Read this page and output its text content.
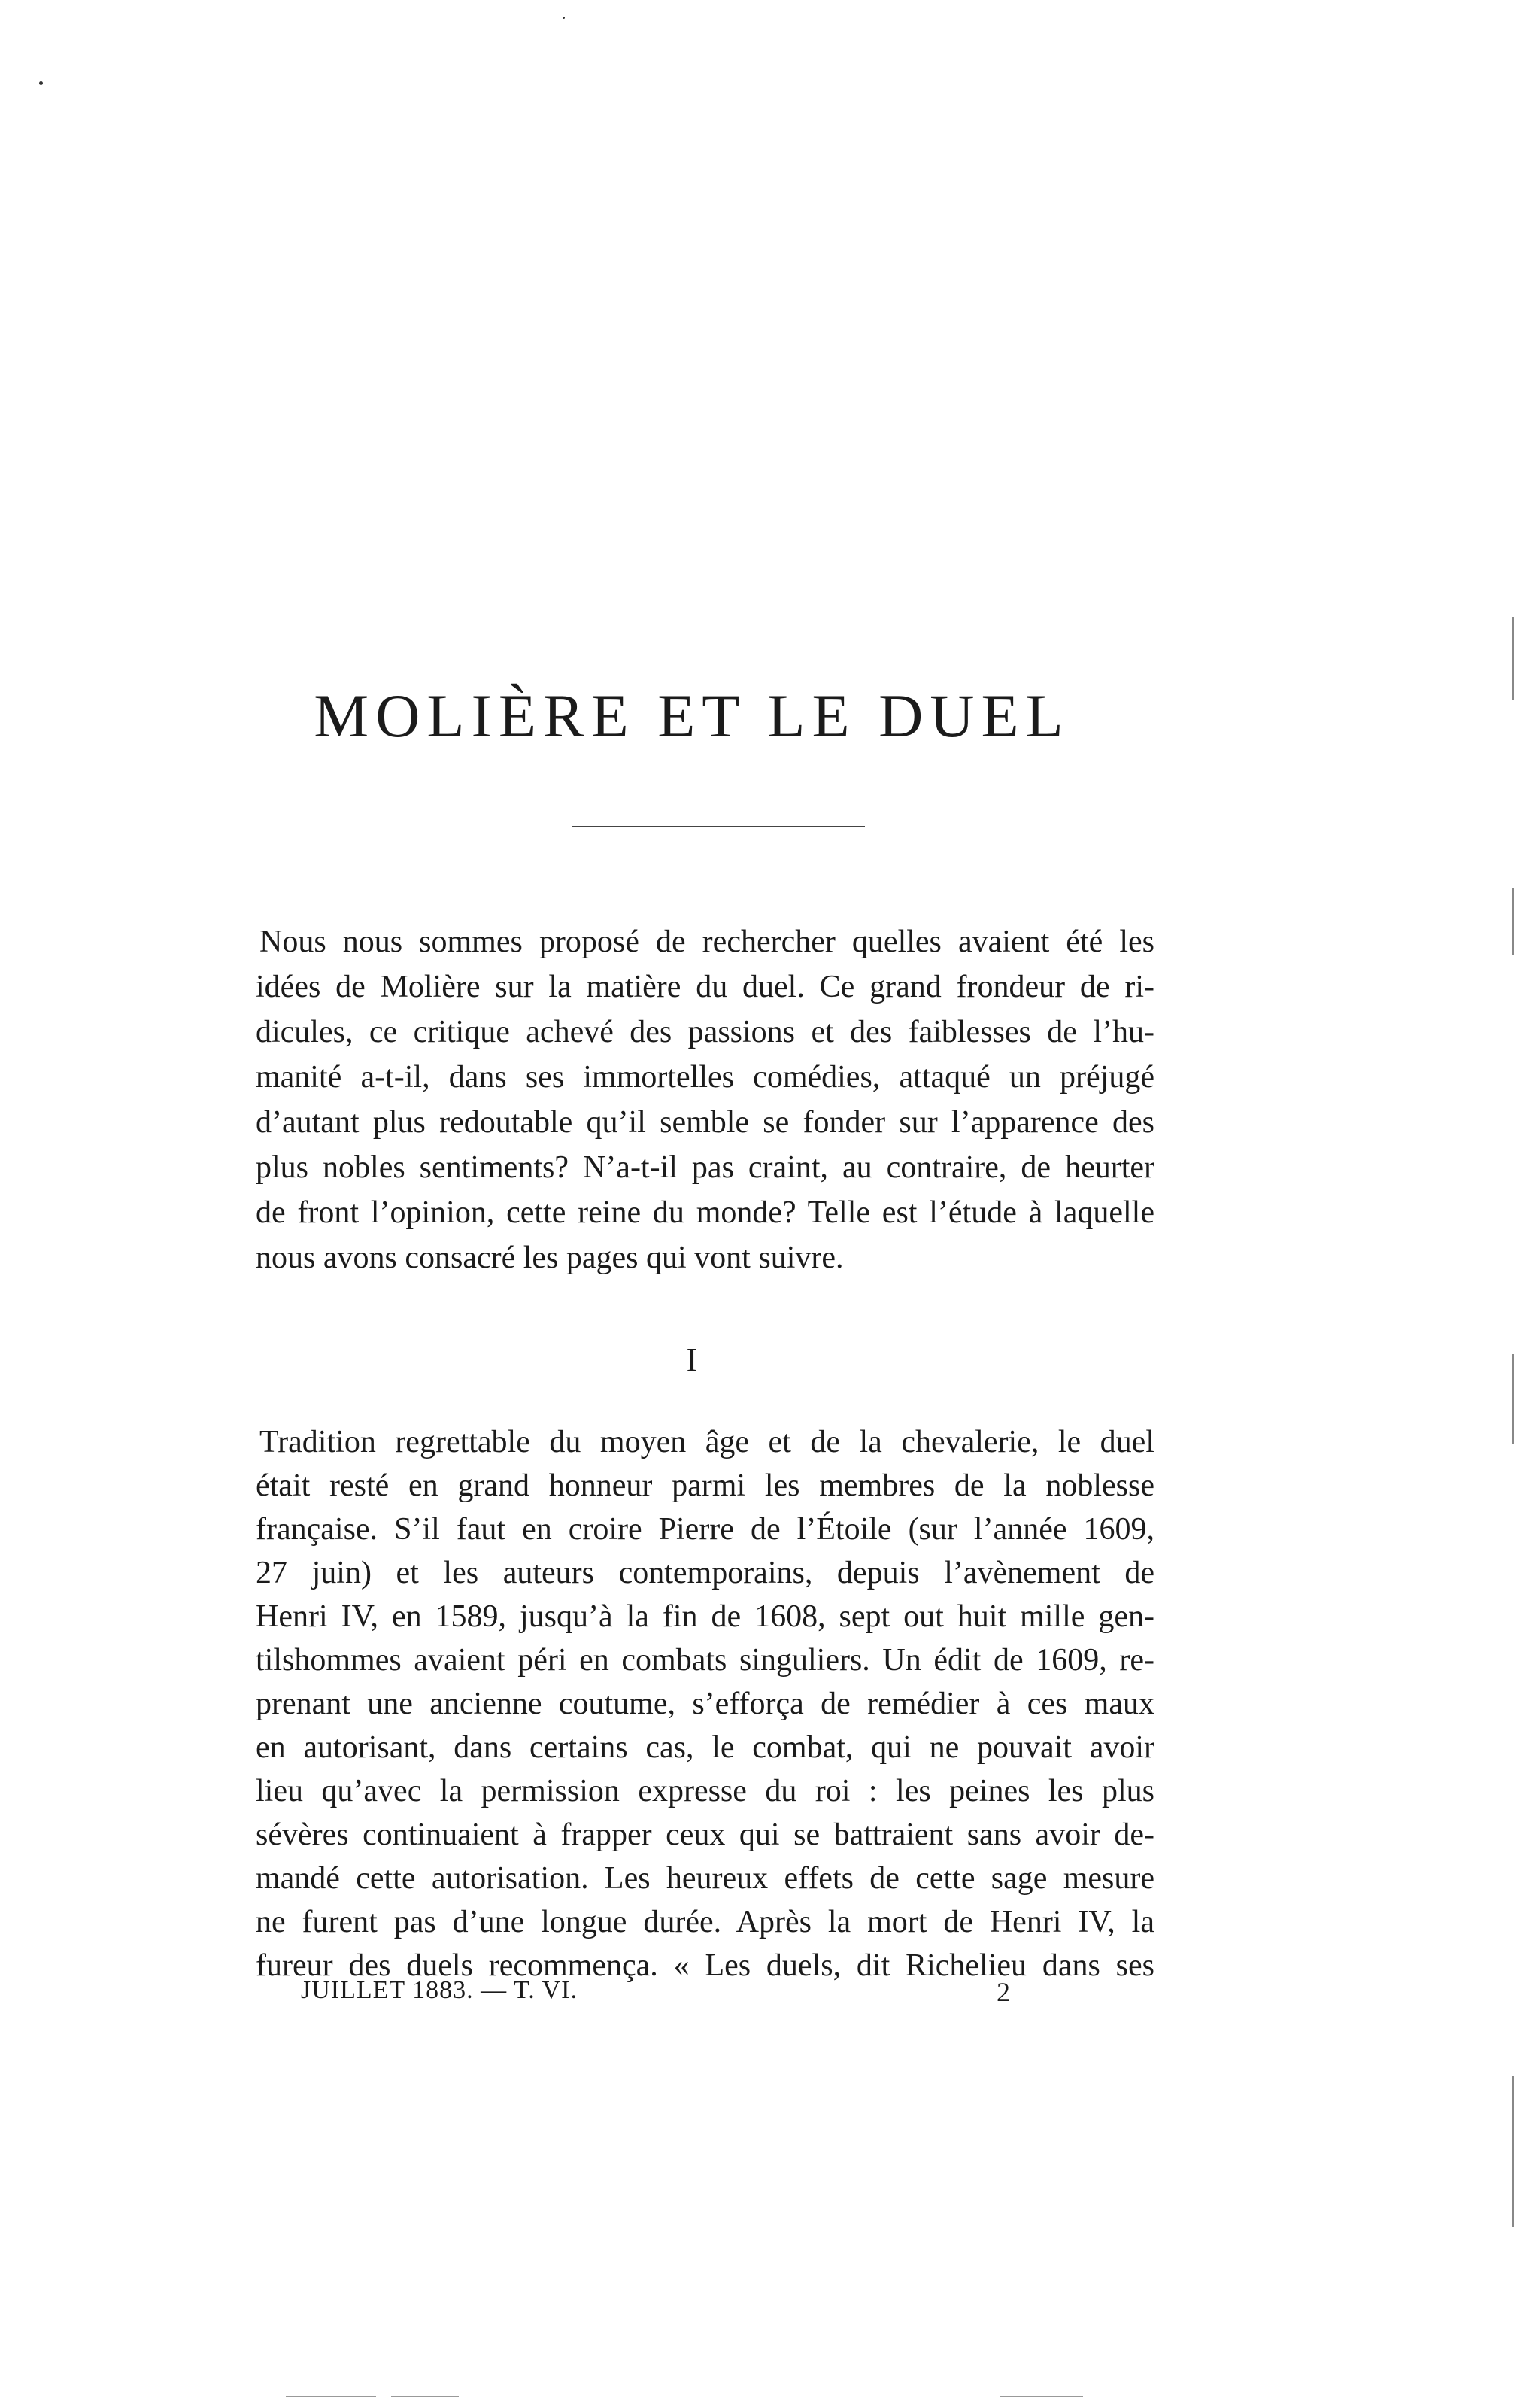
MOLIÈRE ET LE DUEL
Nous nous sommes proposé de rechercher quelles avaient été les
idées de Molière sur la matière du duel. Ce grand frondeur de ri-
dicules, ce critique achevé des passions et des faiblesses de l’hu-
manité a-t-il, dans ses immortelles comédies, attaqué un préjugé
d’autant plus redoutable qu’il semble se fonder sur l’apparence des
plus nobles sentiments? N’a-t-il pas craint, au contraire, de heurter
de front l’opinion, cette reine du monde? Telle est l’étude à laquelle
nous avons consacré les pages qui vont suivre.
I
Tradition regrettable du moyen âge et de la chevalerie, le duel
était resté en grand honneur parmi les membres de la noblesse
française. S’il faut en croire Pierre de l’Étoile (sur l’année 1609,
27 juin) et les auteurs contemporains, depuis l’avènement de
Henri IV, en 1589, jusqu’à la fin de 1608, sept out huit mille gen-
tilshommes avaient péri en combats singuliers. Un édit de 1609, re-
prenant une ancienne coutume, s’efforça de remédier à ces maux
en autorisant, dans certains cas, le combat, qui ne pouvait avoir
lieu qu’avec la permission expresse du roi : les peines les plus
sévères continuaient à frapper ceux qui se battraient sans avoir de-
mandé cette autorisation. Les heureux effets de cette sage mesure
ne furent pas d’une longue durée. Après la mort de Henri IV, la
fureur des duels recommença. « Les duels, dit Richelieu dans ses
JUILLET 1883. — T. VI.	2
